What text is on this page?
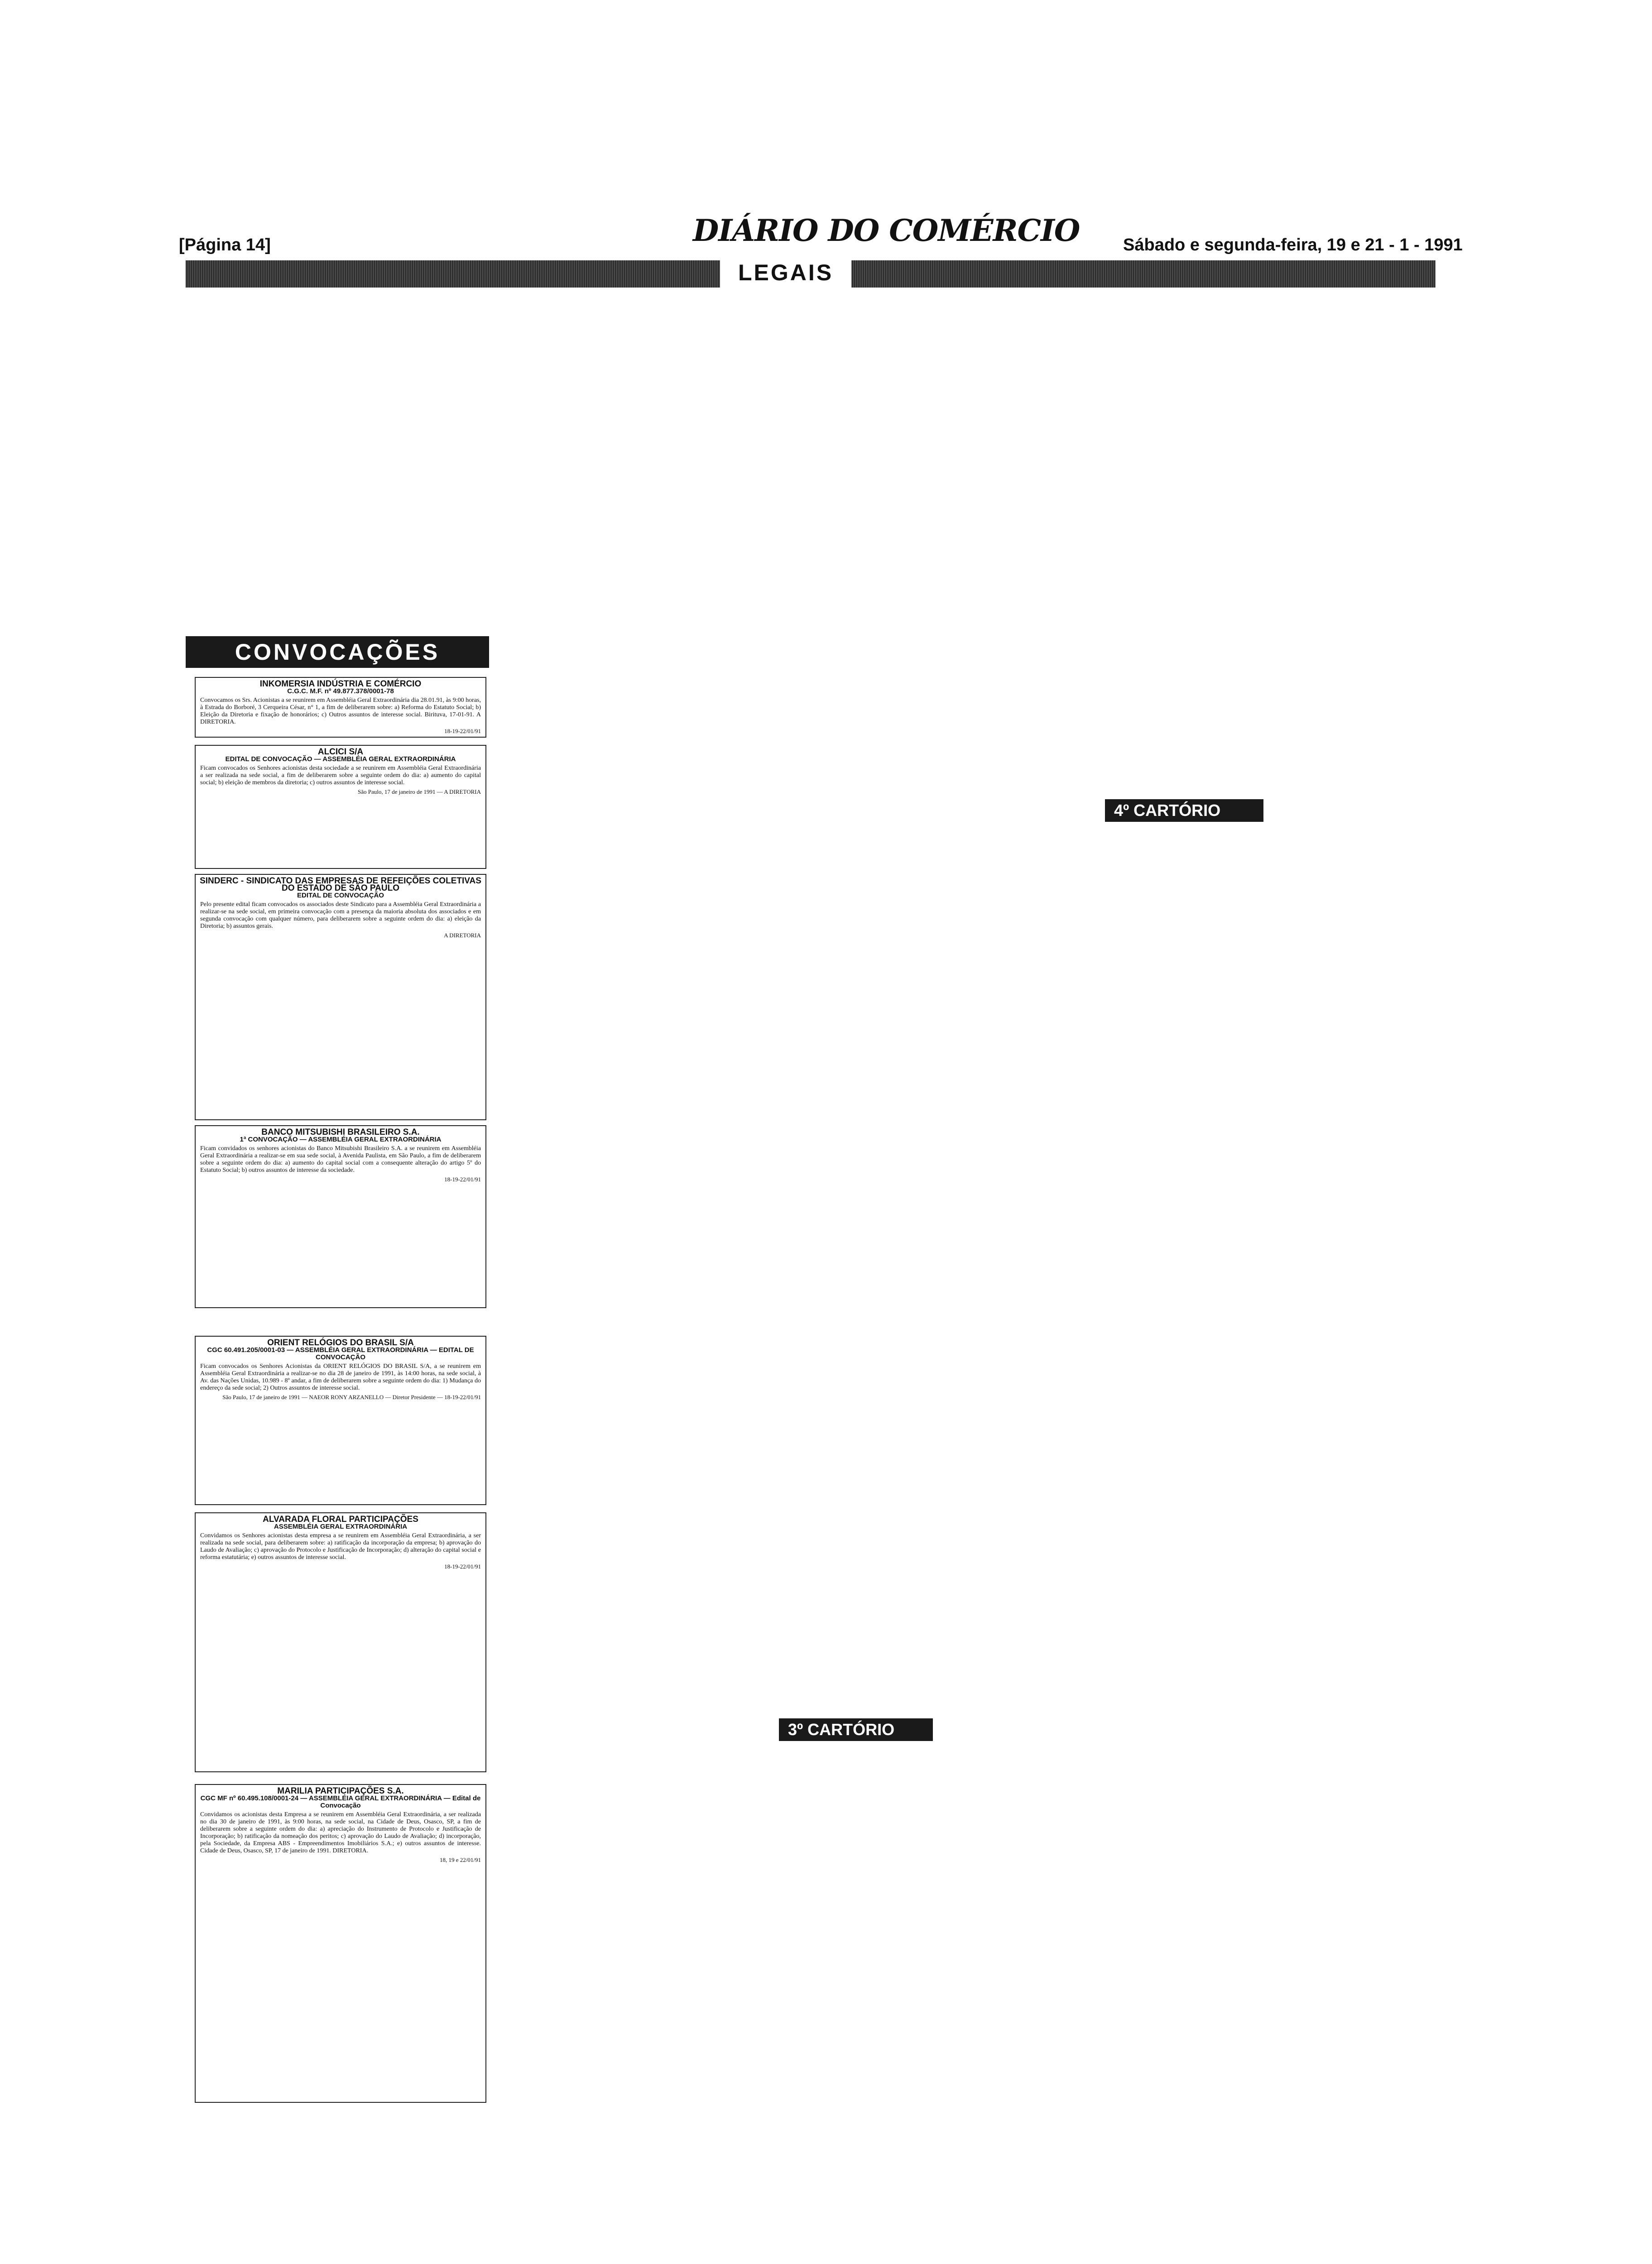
[Página 14]	DIÁRIO DO COMÉRCIO	Sábado e segunda-feira, 19 e 21 - 1 - 1991
LEGAIS
CONVOCAÇÕES
3º CARTÓRIO
4º CARTÓRIO
INKOMERSIA INDÚSTRIA E COMÉRCIO
C.G.C. M.F. nº 49.877.378/0001-78
Convocamos os Srs. Acionistas a se reunirem em Assembléia Geral Extraordinária dia 28.01.91, às 9:00 horas, à Estrada do Borboré, 3 Cerqueira César, n° 1, a fim de deliberarem sobre: a) Reforma do Estatuto Social; b) Eleição da Diretoria e fixação de honorários; c) Outros assuntos de interesse social. Birituva, 17-01-91. A DIRETORIA.
18-19-22/01/91
ALCICI S/A
EDITAL DE CONVOCAÇÃO — ASSEMBLÉIA GERAL EXTRAORDINÁRIA
Ficam convocados os Senhores acionistas desta sociedade a se reunirem em Assembléia Geral Extraordinária a ser realizada na sede social, a fim de deliberarem sobre a seguinte ordem do dia: a) aumento do capital social; b) eleição de membros da diretoria; c) outros assuntos de interesse social.
São Paulo, 17 de janeiro de 1991 — A DIRETORIA
SINDERC - SINDICATO DAS EMPRESAS DE REFEIÇÕES COLETIVAS DO ESTADO DE SÃO PAULO
EDITAL DE CONVOCAÇÃO
Pelo presente edital ficam convocados os associados deste Sindicato para a Assembléia Geral Extraordinária a realizar-se na sede social, em primeira convocação com a presença da maioria absoluta dos associados e em segunda convocação com qualquer número, para deliberarem sobre a seguinte ordem do dia: a) eleição da Diretoria; b) assuntos gerais.
A DIRETORIA
BANCO MITSUBISHI BRASILEIRO S.A.
1ª CONVOCAÇÃO — ASSEMBLÉIA GERAL EXTRAORDINÁRIA
Ficam convidados os senhores acionistas do Banco Mitsubishi Brasileiro S.A. a se reunirem em Assembléia Geral Extraordinária a realizar-se em sua sede social, à Avenida Paulista, em São Paulo, a fim de deliberarem sobre a seguinte ordem do dia: a) aumento do capital social com a consequente alteração do artigo 5º do Estatuto Social; b) outros assuntos de interesse da sociedade.
18-19-22/01/91
ORIENT RELÓGIOS DO BRASIL S/A
CGC 60.491.205/0001-03 — ASSEMBLÉIA GERAL EXTRAORDINÁRIA — EDITAL DE CONVOCAÇÃO
Ficam convocados os Senhores Acionistas da ORIENT RELÓGIOS DO BRASIL S/A, a se reunirem em Assembléia Geral Extraordinária a realizar-se no dia 28 de janeiro de 1991, às 14:00 horas, na sede social, à Av. das Nações Unidas, 10.989 - 8º andar, a fim de deliberarem sobre a seguinte ordem do dia: 1) Mudança do endereço da sede social; 2) Outros assuntos de interesse social.
São Paulo, 17 de janeiro de 1991 — NAEOR RONY ARZANELLO — Diretor Presidente — 18-19-22/01/91
ALVARADA FLORAL PARTICIPAÇÕES
ASSEMBLÉIA GERAL EXTRAORDINÁRIA
Convidamos os Senhores acionistas desta empresa a se reunirem em Assembléia Geral Extraordinária, a ser realizada na sede social, para deliberarem sobre: a) ratificação da incorporação da empresa; b) aprovação do Laudo de Avaliação; c) aprovação do Protocolo e Justificação de Incorporação; d) alteração do capital social e reforma estatutária; e) outros assuntos de interesse social.
18-19-22/01/91
MARILIA PARTICIPAÇÕES S.A.
CGC MF nº 60.495.108/0001-24 — ASSEMBLÉIA GERAL EXTRAORDINÁRIA — Edital de Convocação
Convidamos os acionistas desta Empresa a se reunirem em Assembléia Geral Extraordinária, a ser realizada no dia 30 de janeiro de 1991, às 9:00 horas, na sede social, na Cidade de Deus, Osasco, SP, a fim de deliberarem sobre a seguinte ordem do dia: a) apreciação do Instrumento de Protocolo e Justificação de Incorporação; b) ratificação da nomeação dos peritos; c) aprovação do Laudo de Avaliação; d) incorporação, pela Sociedade, da Empresa ABS - Empreendimentos Imobiliários S.A.; e) outros assuntos de interesse. Cidade de Deus, Osasco, SP, 17 de janeiro de 1991. DIRETORIA.
18, 19 e 22/01/91
